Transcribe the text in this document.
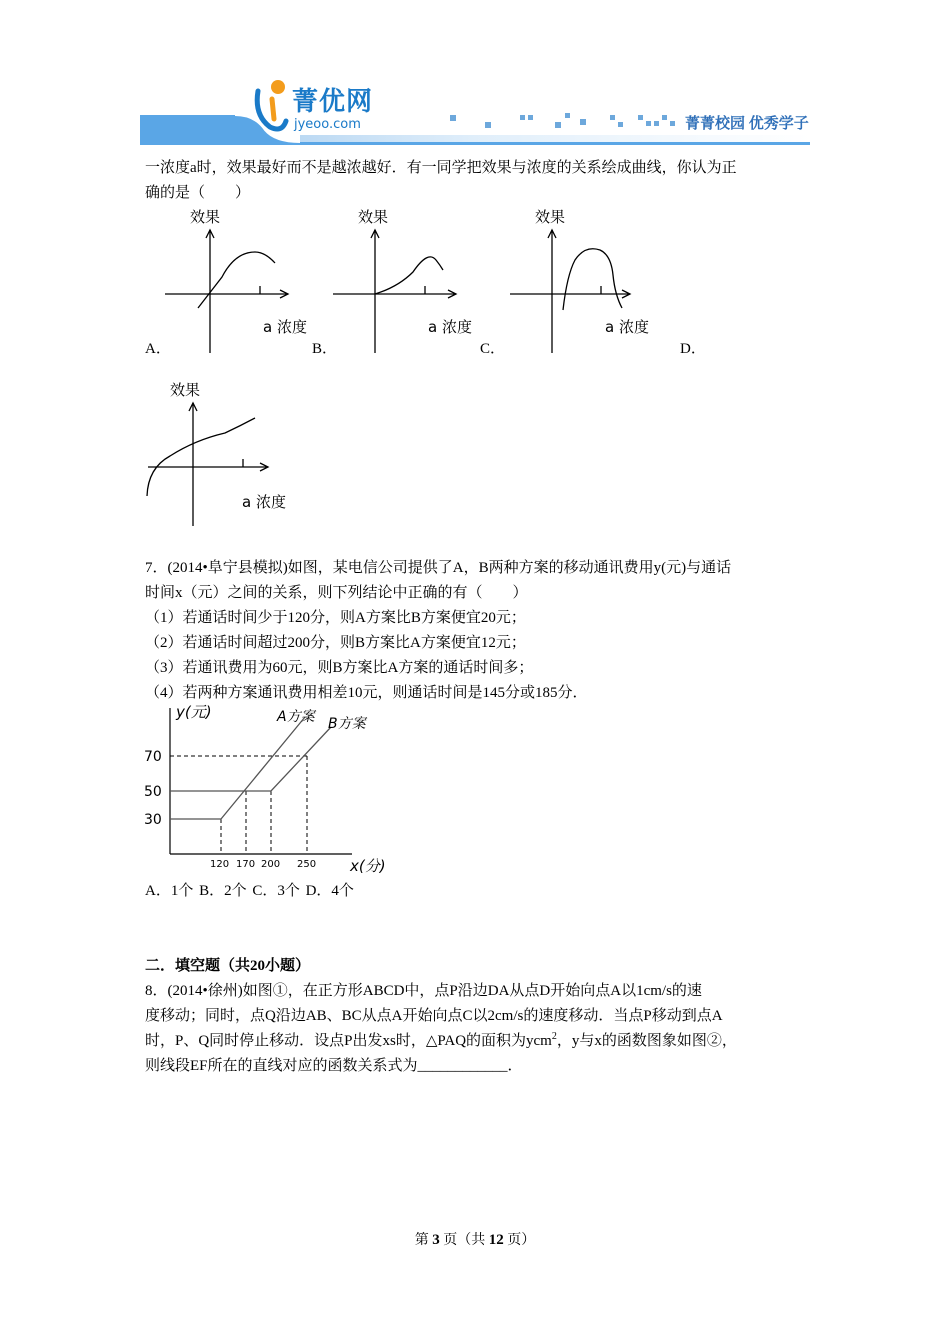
菁优网
jyeoo.com	菁菁校园 优秀学子
一浓度a时，效果最好而不是越浓越好．有一同学把效果与浓度的关系绘成曲线，你认为正
确的是（　　）
效果
a 浓度
A．
效果
a 浓度
B．
效果
a 浓度
C．	D．
效果
a 浓度
7．(2014•阜宁县模拟)如图，某电信公司提供了A，B两种方案的移动通讯费用y(元)与通话
时间x（元）之间的关系，则下列结论中正确的有（　　）
（1）若通话时间少于120分，则A方案比B方案便宜20元；
（2）若通话时间超过200分，则B方案比A方案便宜12元；
（3）若通讯费用为60元，则B方案比A方案的通话时间多；
（4）若两种方案通讯费用相差10元，则通话时间是145分或185分．
y(元)
x(分)
A方案 B方案
70
50
30
120 170 200 250
A．1个 B．2个 C．3个 D．4个
二．填空题（共20小题）
8．(2014•徐州)如图①，在正方形ABCD中，点P沿边DA从点D开始向点A以1cm/s的速
度移动；同时，点Q沿边AB、BC从点A开始向点C以2cm/s的速度移动．当点P移动到点A
时，P、Q同时停止移动．设点P出发xs时，△PAQ的面积为ycm$^2$，y与x的函数图象如图②，
则线段EF所在的直线对应的函数关系式为____________．
第 3 页（共 12 页）
